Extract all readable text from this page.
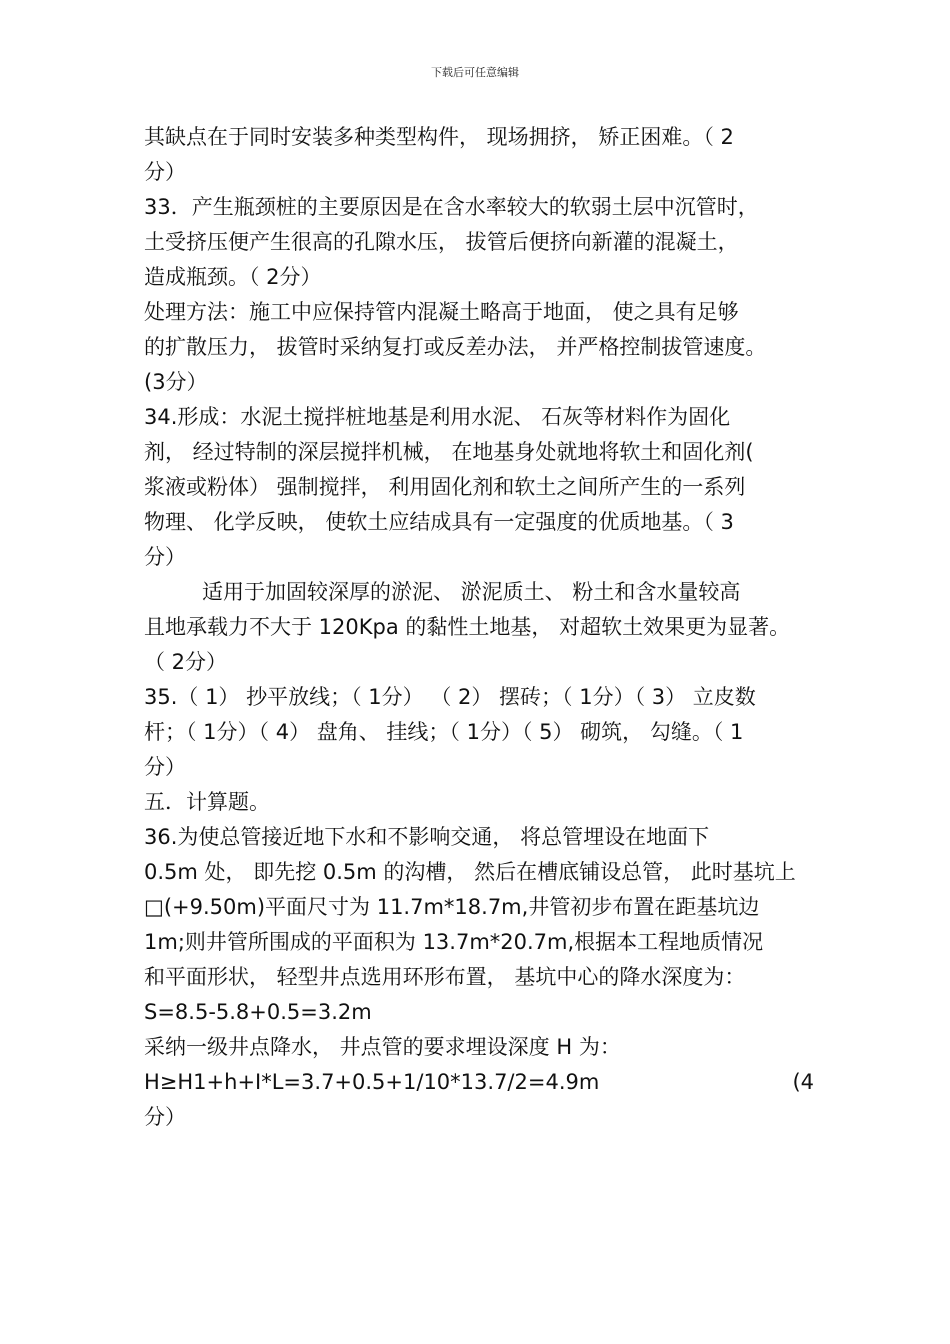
下载后可任意编辑
其缺点在于同时安装多种类型构件， 现场拥挤， 矫正困难。（ 2
分）
33．产生瓶颈桩的主要原因是在含水率较大的软弱土层中沉管时，
土受挤压便产生很高的孔隙水压， 拔管后便挤向新灌的混凝土，
造成瓶颈。（ 2分）
处理方法：施工中应保持管内混凝土略高于地面， 使之具有足够
的扩散压力， 拔管时采纳复打或反差办法， 并严格控制拔管速度。
(3分）
34.形成：水泥土搅拌桩地基是利用水泥、 石灰等材料作为固化
剂， 经过特制的深层搅拌机械， 在地基身处就地将软土和固化剂(
浆液或粉体） 强制搅拌， 利用固化剂和软土之间所产生的一系列
物理、 化学反映， 使软土应结成具有一定强度的优质地基。（ 3
分）
适用于加固较深厚的淤泥、 淤泥质土、 粉土和含水量较高
且地承载力不大于 120Kpa 的黏性土地基， 对超软土效果更为显著。
（ 2分）
35.（ 1） 抄平放线；（ 1分） （ 2） 摆砖；（ 1分）（ 3） 立皮数
杆；（ 1分）（ 4） 盘角、 挂线；（ 1分）（ 5） 砌筑， 勾缝。（ 1
分）
五．计算题。
36.为使总管接近地下水和不影响交通， 将总管埋设在地面下
0.5m 处， 即先挖 0.5m 的沟槽， 然后在槽底铺设总管， 此时基坑上
□(+9.50m)平面尺寸为 11.7m*18.7m,井管初步布置在距基坑边
1m;则井管所围成的平面积为 13.7m*20.7m,根据本工程地质情况
和平面形状， 轻型井点选用环形布置， 基坑中心的降水深度为：
S=8.5-5.8+0.5=3.2m
采纳一级井点降水， 井点管的要求埋设深度 H 为：
H≥H1+h+I*L=3.7+0.5+1/10*13.7/2=4.9m	(4
分）
